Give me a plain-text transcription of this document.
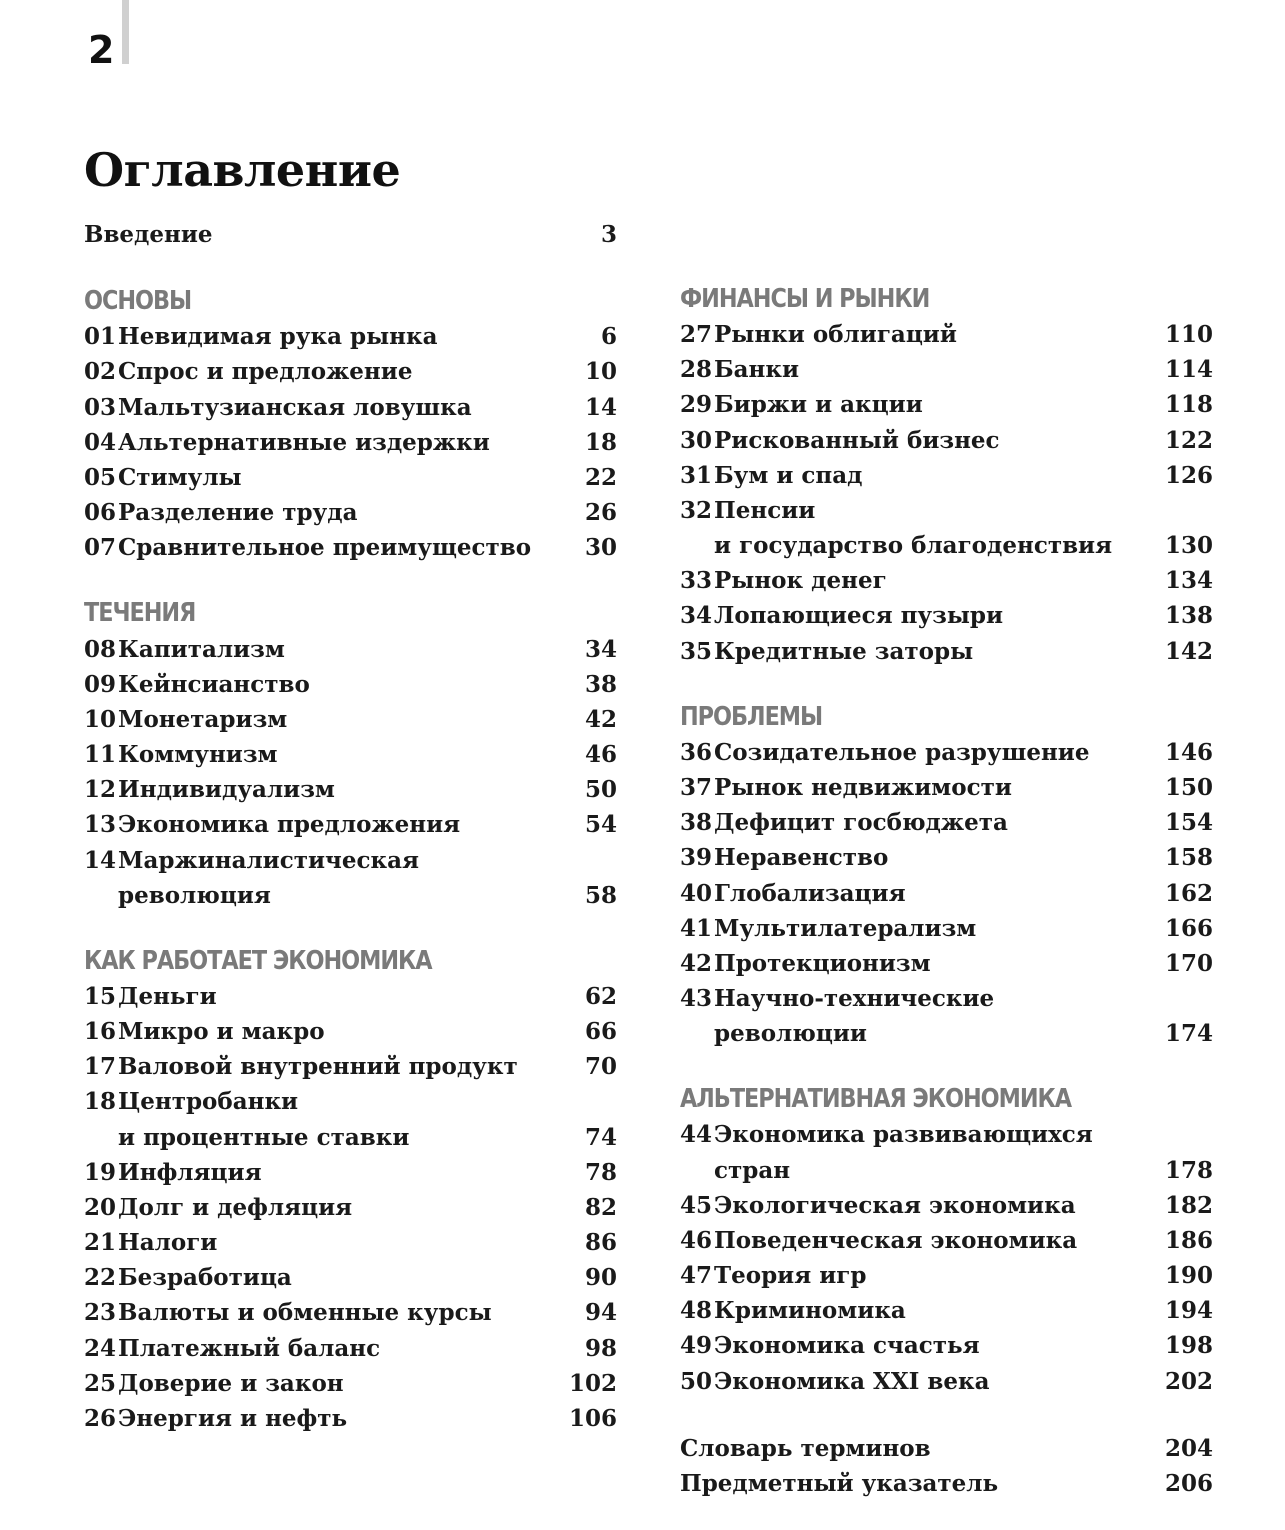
2
Оглавление
Введение	3
ОСНОВЫ
01 Невидимая рука рынка	6
02 Спрос и предложение	10
03 Мальтузианская ловушка	14
04 Альтернативные издержки	18
05 Стимулы	22
06 Разделение труда	26
07 Сравнительное преимущество	30
ТЕЧЕНИЯ
08 Капитализм	34
09 Кейнсианство	38
10 Монетаризм	42
11 Коммунизм	46
12 Индивидуализм	50
13 Экономика предложения	54
14 Маржиналистическая
революция	58
КАК РАБОТАЕТ ЭКОНОМИКА
15 Деньги	62
16 Микро и макро	66
17 Валовой внутренний продукт	70
18 Центробанки
и процентные ставки	74
19 Инфляция	78
20 Долг и дефляция	82
21 Налоги	86
22 Безработица	90
23 Валюты и обменные курсы	94
24 Платежный баланс	98
25 Доверие и закон	102
26 Энергия и нефть	106
ФИНАНСЫ И РЫНКИ
27 Рынки облигаций	110
28 Банки	114
29 Биржи и акции	118
30 Рискованный бизнес	122
31 Бум и спад	126
32 Пенсии
и государство благоденствия	130
33 Рынок денег	134
34 Лопающиеся пузыри	138
35 Кредитные заторы	142
ПРОБЛЕМЫ
36 Созидательное разрушение	146
37 Рынок недвижимости	150
38 Дефицит госбюджета	154
39 Неравенство	158
40 Глобализация	162
41 Мультилатерализм	166
42 Протекционизм	170
43 Научно-технические революции	174
АЛЬТЕРНАТИВНАЯ ЭКОНОМИКА
44 Экономика развивающихся стран	178
45 Экологическая экономика	182
46 Поведенческая экономика	186
47 Теория игр	190
48 Криминомика	194
49 Экономика счастья	198
50 Экономика XXI века	202
Словарь терминов	204
Предметный указатель	206
